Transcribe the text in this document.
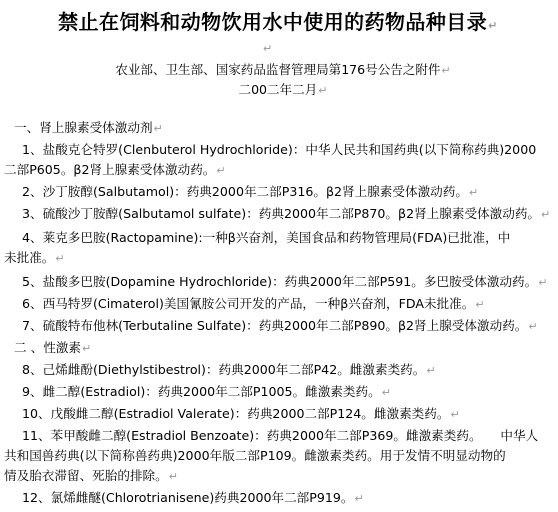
禁止在饲料和动物饮用水中使用的药物品种目录↵
↵
农业部、卫生部、国家药品监督管理局第176号公告之附件↵
二00二年二月↵
一、肾上腺素受体激动剂↵
1、盐酸克仑特罗(Clenbuterol Hydrochloride)：中华人民共和国药典(以下简称药典)2000
二部P605。β2肾上腺素受体激动药。↵
2、沙丁胺醇(Salbutamol)：药典2000年二部P316。β2肾上腺素受体激动药。↵
3、硫酸沙丁胺醇(Salbutamol sulfate)：药典2000年二部P870。β2肾上腺素受体激动药。↵
4、莱克多巴胺(Ractopamine):一种β兴奋剂，美国食品和药物管理局(FDA)已批准，中
未批准。↵
5、盐酸多巴胺(Dopamine Hydrochloride)：药典2000年二部P591。多巴胺受体激动药。↵
6、西马特罗(Cimaterol)美国氰胺公司开发的产品，一种β兴奋剂，FDA未批准。↵
7、硫酸特布他林(Terbutaline Sulfate)：药典2000年二部P890。β2肾上腺受体激动药。↵
二 、性激素↵
8、己烯雌酚(Diethylstibestrol)：药典2000年二部P42。雌激素类药。↵
9、雌二醇(Estradiol)：药典2000年二部P1005。雌激素类药。↵
10、戊酸雌二醇(Estradiol Valerate)：药典2000二部P124。雌激素类药。↵
11、苯甲酸雌二醇(Estradiol Benzoate)：药典2000年二部P369。雌激素类药。　　中华人
共和国兽药典(以下简称兽药典)2000年版二部P109。雌激素类药。用于发情不明显动物的
情及胎衣滞留、死胎的排除。↵
12、氯烯雌醚(Chlorotrianisene)药典2000年二部P919。↵
